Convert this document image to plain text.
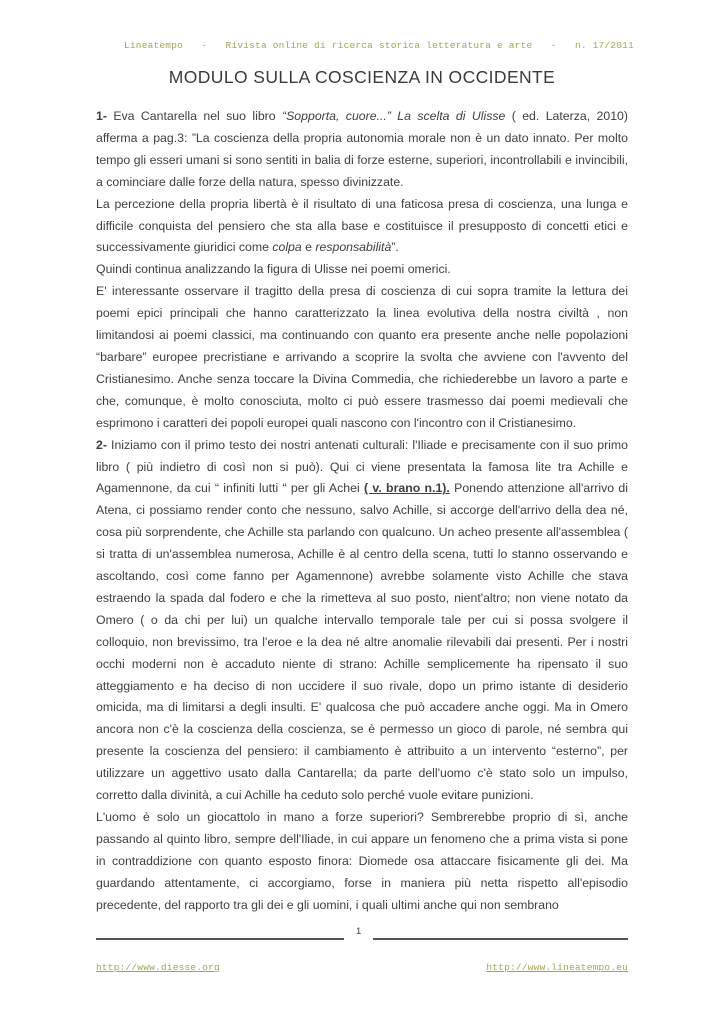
Lineatempo - Rivista online di ricerca storica letteratura e arte - n. 17/2011
MODULO SULLA COSCIENZA IN OCCIDENTE

1- Eva Cantarella nel suo libro “Sopporta, cuore...” La scelta di Ulisse ( ed. Laterza, 2010) afferma a pag.3: ”La coscienza della propria autonomia morale non è un dato innato. Per molto tempo gli esseri umani si sono sentiti in balia di forze esterne, superiori, incontrollabili e invincibili, a cominciare dalle forze della natura, spesso divinizzate.

La percezione della propria libertà è il risultato di una faticosa presa di coscienza, una lunga e difficile conquista del pensiero che sta alla base e costituisce il presupposto di concetti etici e successivamente giuridici come colpa e responsabilità”.

Quindi continua analizzando la figura di Ulisse nei poemi omerici.

E' interessante osservare il tragitto della presa di coscienza di cui sopra tramite la lettura dei poemi epici principali che hanno caratterizzato la linea evolutiva della nostra civiltà , non limitandosi ai poemi classici, ma continuando con quanto era presente anche nelle popolazioni “barbare” europee precristiane e arrivando a scoprire la svolta che avviene con l'avvento del Cristianesimo. Anche senza toccare la Divina Commedia, che richiederebbe un lavoro a parte e che, comunque, è molto conosciuta, molto ci può essere trasmesso dai poemi medievali che esprimono i caratteri dei popoli europei quali nascono con l'incontro con il Cristianesimo.

2- Iniziamo con il primo testo dei nostri antenati culturali: l'Iliade e precisamente con il suo primo libro ( più indietro di così non si può). Qui ci viene presentata la famosa lite tra Achille e Agamennone, da cui “ infiniti lutti “ per gli Achei ( v. brano n.1). Ponendo attenzione all'arrivo di Atena, ci possiamo render conto che nessuno, salvo Achille, si accorge dell'arrivo della dea né, cosa più sorprendente, che Achille sta parlando con qualcuno. Un acheo presente all'assemblea ( si tratta di un'assemblea numerosa, Achille è al centro della scena, tutti lo stanno osservando e ascoltando, così come fanno per Agamennone) avrebbe solamente visto Achille che stava estraendo la spada dal fodero e che la rimetteva al suo posto, nient'altro; non viene notato da Omero ( o da chi per lui) un qualche intervallo temporale tale per cui si possa svolgere il colloquio, non brevissimo, tra l'eroe e la dea né altre anomalie rilevabili dai presenti. Per i nostri occhi moderni non è accaduto niente di strano: Achille semplicemente ha ripensato il suo atteggiamento e ha deciso di non uccidere il suo rivale, dopo un primo istante di desiderio omicida, ma di limitarsi a degli insulti. E' qualcosa che può accadere anche oggi. Ma in Omero ancora non c'è la coscienza della coscienza, se è permesso un gioco di parole, né sembra qui presente la coscienza del pensiero: il cambiamento è attribuito a un intervento “esterno”, per utilizzare un aggettivo usato dalla Cantarella; da parte dell'uomo c'è stato solo un impulso, corretto dalla divinità, a cui Achille ha ceduto solo perché vuole evitare punizioni.

L'uomo è solo un giocattolo in mano a forze superiori? Sembrerebbe proprio di sì, anche passando al quinto libro, sempre dell'Iliade, in cui appare un fenomeno che a prima vista si pone in contraddizione con quanto esposto finora: Diomede osa attaccare fisicamente gli dei. Ma guardando attentamente, ci accorgiamo, forse in maniera più netta rispetto all'episodio precedente, del rapporto tra gli dei e gli uomini, i quali ultimi anche qui non sembrano

1
http://www.diesse.org	http://www.lineatempo.eu
